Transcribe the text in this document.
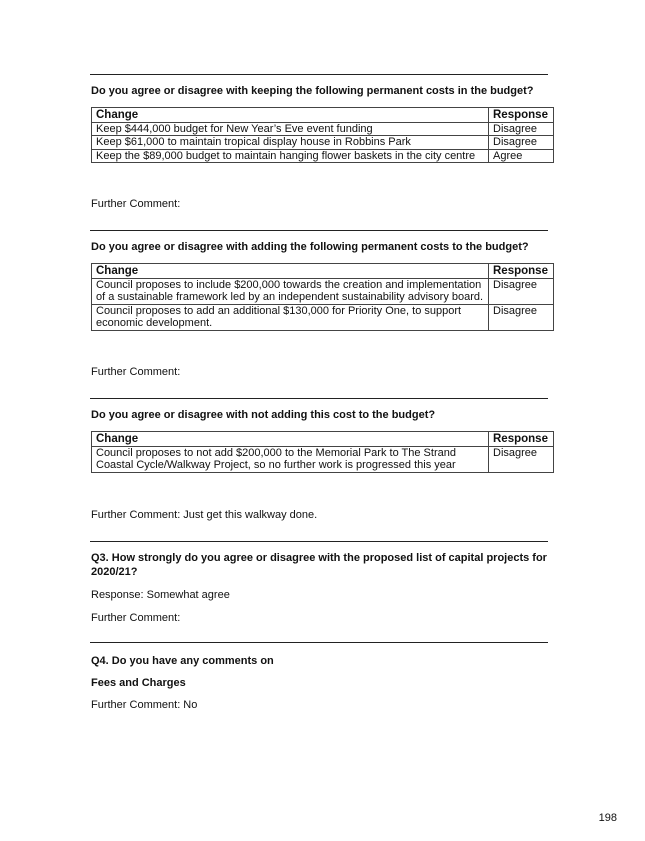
Do you agree or disagree with keeping the following permanent costs in the budget?
Change	Response
Keep $444,000 budget for New Year’s Eve event funding	Disagree
Keep $61,000 to maintain tropical display house in Robbins Park	Disagree
Keep the $89,000 budget to maintain hanging flower baskets in the city centre	Agree
Further Comment:
Do you agree or disagree with adding the following permanent costs to the budget?
Change	Response
Council proposes to include $200,000 towards the creation and implementation of a sustainable framework led by an independent sustainability advisory board.	Disagree
Council proposes to add an additional $130,000 for Priority One, to support economic development.	Disagree
Further Comment:
Do you agree or disagree with not adding this cost to the budget?
Change	Response
Council proposes to not add $200,000 to the Memorial Park to The Strand Coastal Cycle/Walkway Project, so no further work is progressed this year	Disagree
Further Comment: Just get this walkway done.
Q3. How strongly do you agree or disagree with the proposed list of capital projects for 2020/21?
Response: Somewhat agree
Further Comment:
Q4. Do you have any comments on
Fees and Charges
Further Comment: No
198
